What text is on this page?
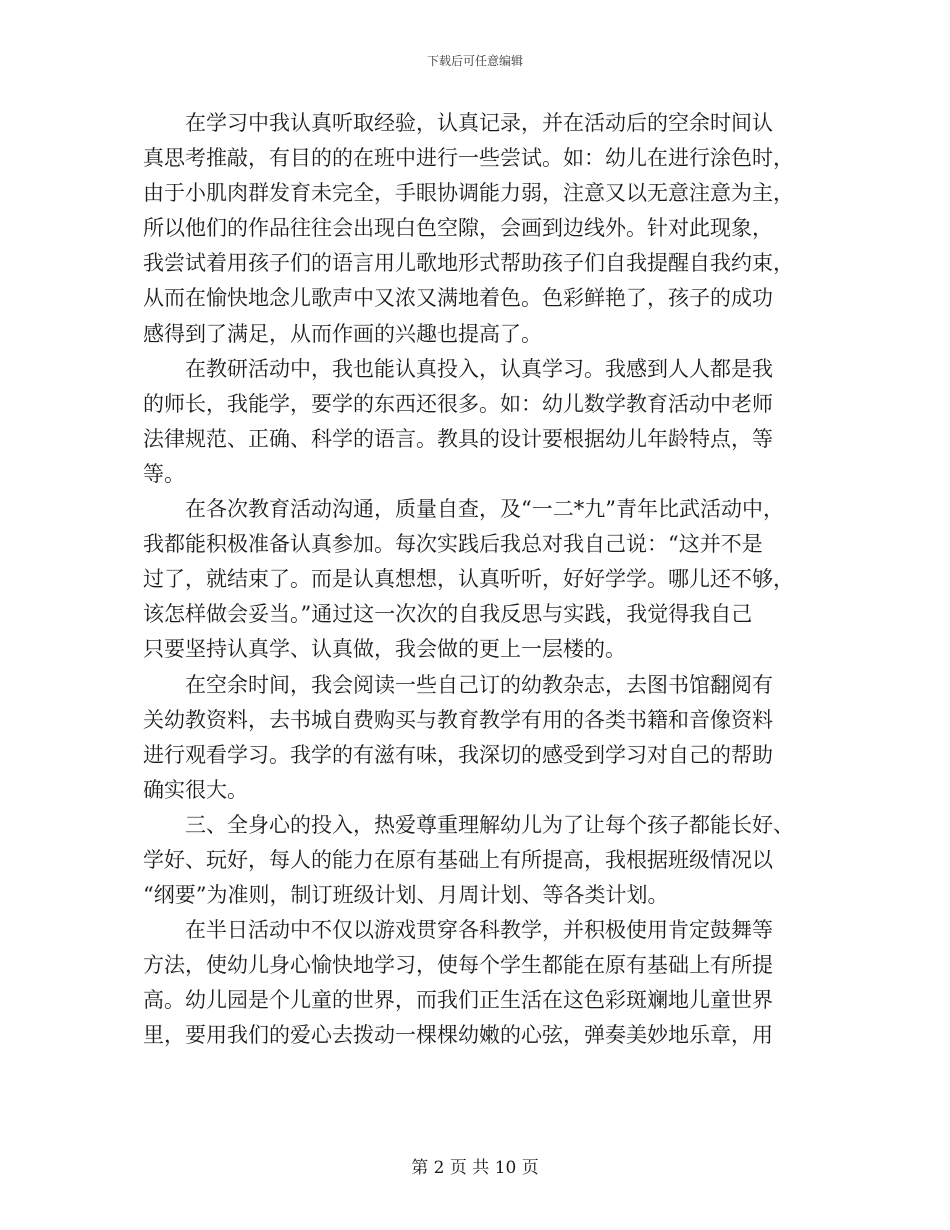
下载后可任意编辑
在学习中我认真听取经验，认真记录，并在活动后的空余时间认
真思考推敲，有目的的在班中进行一些尝试。如：幼儿在进行涂色时，
由于小肌肉群发育未完全，手眼协调能力弱，注意又以无意注意为主，
所以他们的作品往往会出现白色空隙，会画到边线外。针对此现象，
我尝试着用孩子们的语言用儿歌地形式帮助孩子们自我提醒自我约束，
从而在愉快地念儿歌声中又浓又满地着色。色彩鲜艳了，孩子的成功
感得到了满足，从而作画的兴趣也提高了。
在教研活动中，我也能认真投入，认真学习。我感到人人都是我
的师长，我能学，要学的东西还很多。如：幼儿数学教育活动中老师
法律规范、正确、科学的语言。教具的设计要根据幼儿年龄特点，等
等。
在各次教育活动沟通，质量自查，及“一二*九”青年比武活动中，
我都能积极准备认真参加。每次实践后我总对我自己说：“这并不是
过了，就结束了。而是认真想想，认真听听，好好学学。哪儿还不够，
该怎样做会妥当。”通过这一次次的自我反思与实践，我觉得我自己
只要坚持认真学、认真做，我会做的更上一层楼的。
在空余时间，我会阅读一些自己订的幼教杂志，去图书馆翻阅有
关幼教资料，去书城自费购买与教育教学有用的各类书籍和音像资料
进行观看学习。我学的有滋有味，我深切的感受到学习对自己的帮助
确实很大。
三、全身心的投入，热爱尊重理解幼儿为了让每个孩子都能长好、
学好、玩好，每人的能力在原有基础上有所提高，我根据班级情况以
“纲要”为准则，制订班级计划、月周计划、等各类计划。
在半日活动中不仅以游戏贯穿各科教学，并积极使用肯定鼓舞等
方法，使幼儿身心愉快地学习，使每个学生都能在原有基础上有所提
高。幼儿园是个儿童的世界，而我们正生活在这色彩斑斓地儿童世界
里，要用我们的爱心去拨动一棵棵幼嫩的心弦，弹奏美妙地乐章，用
第 2 页 共 10 页
